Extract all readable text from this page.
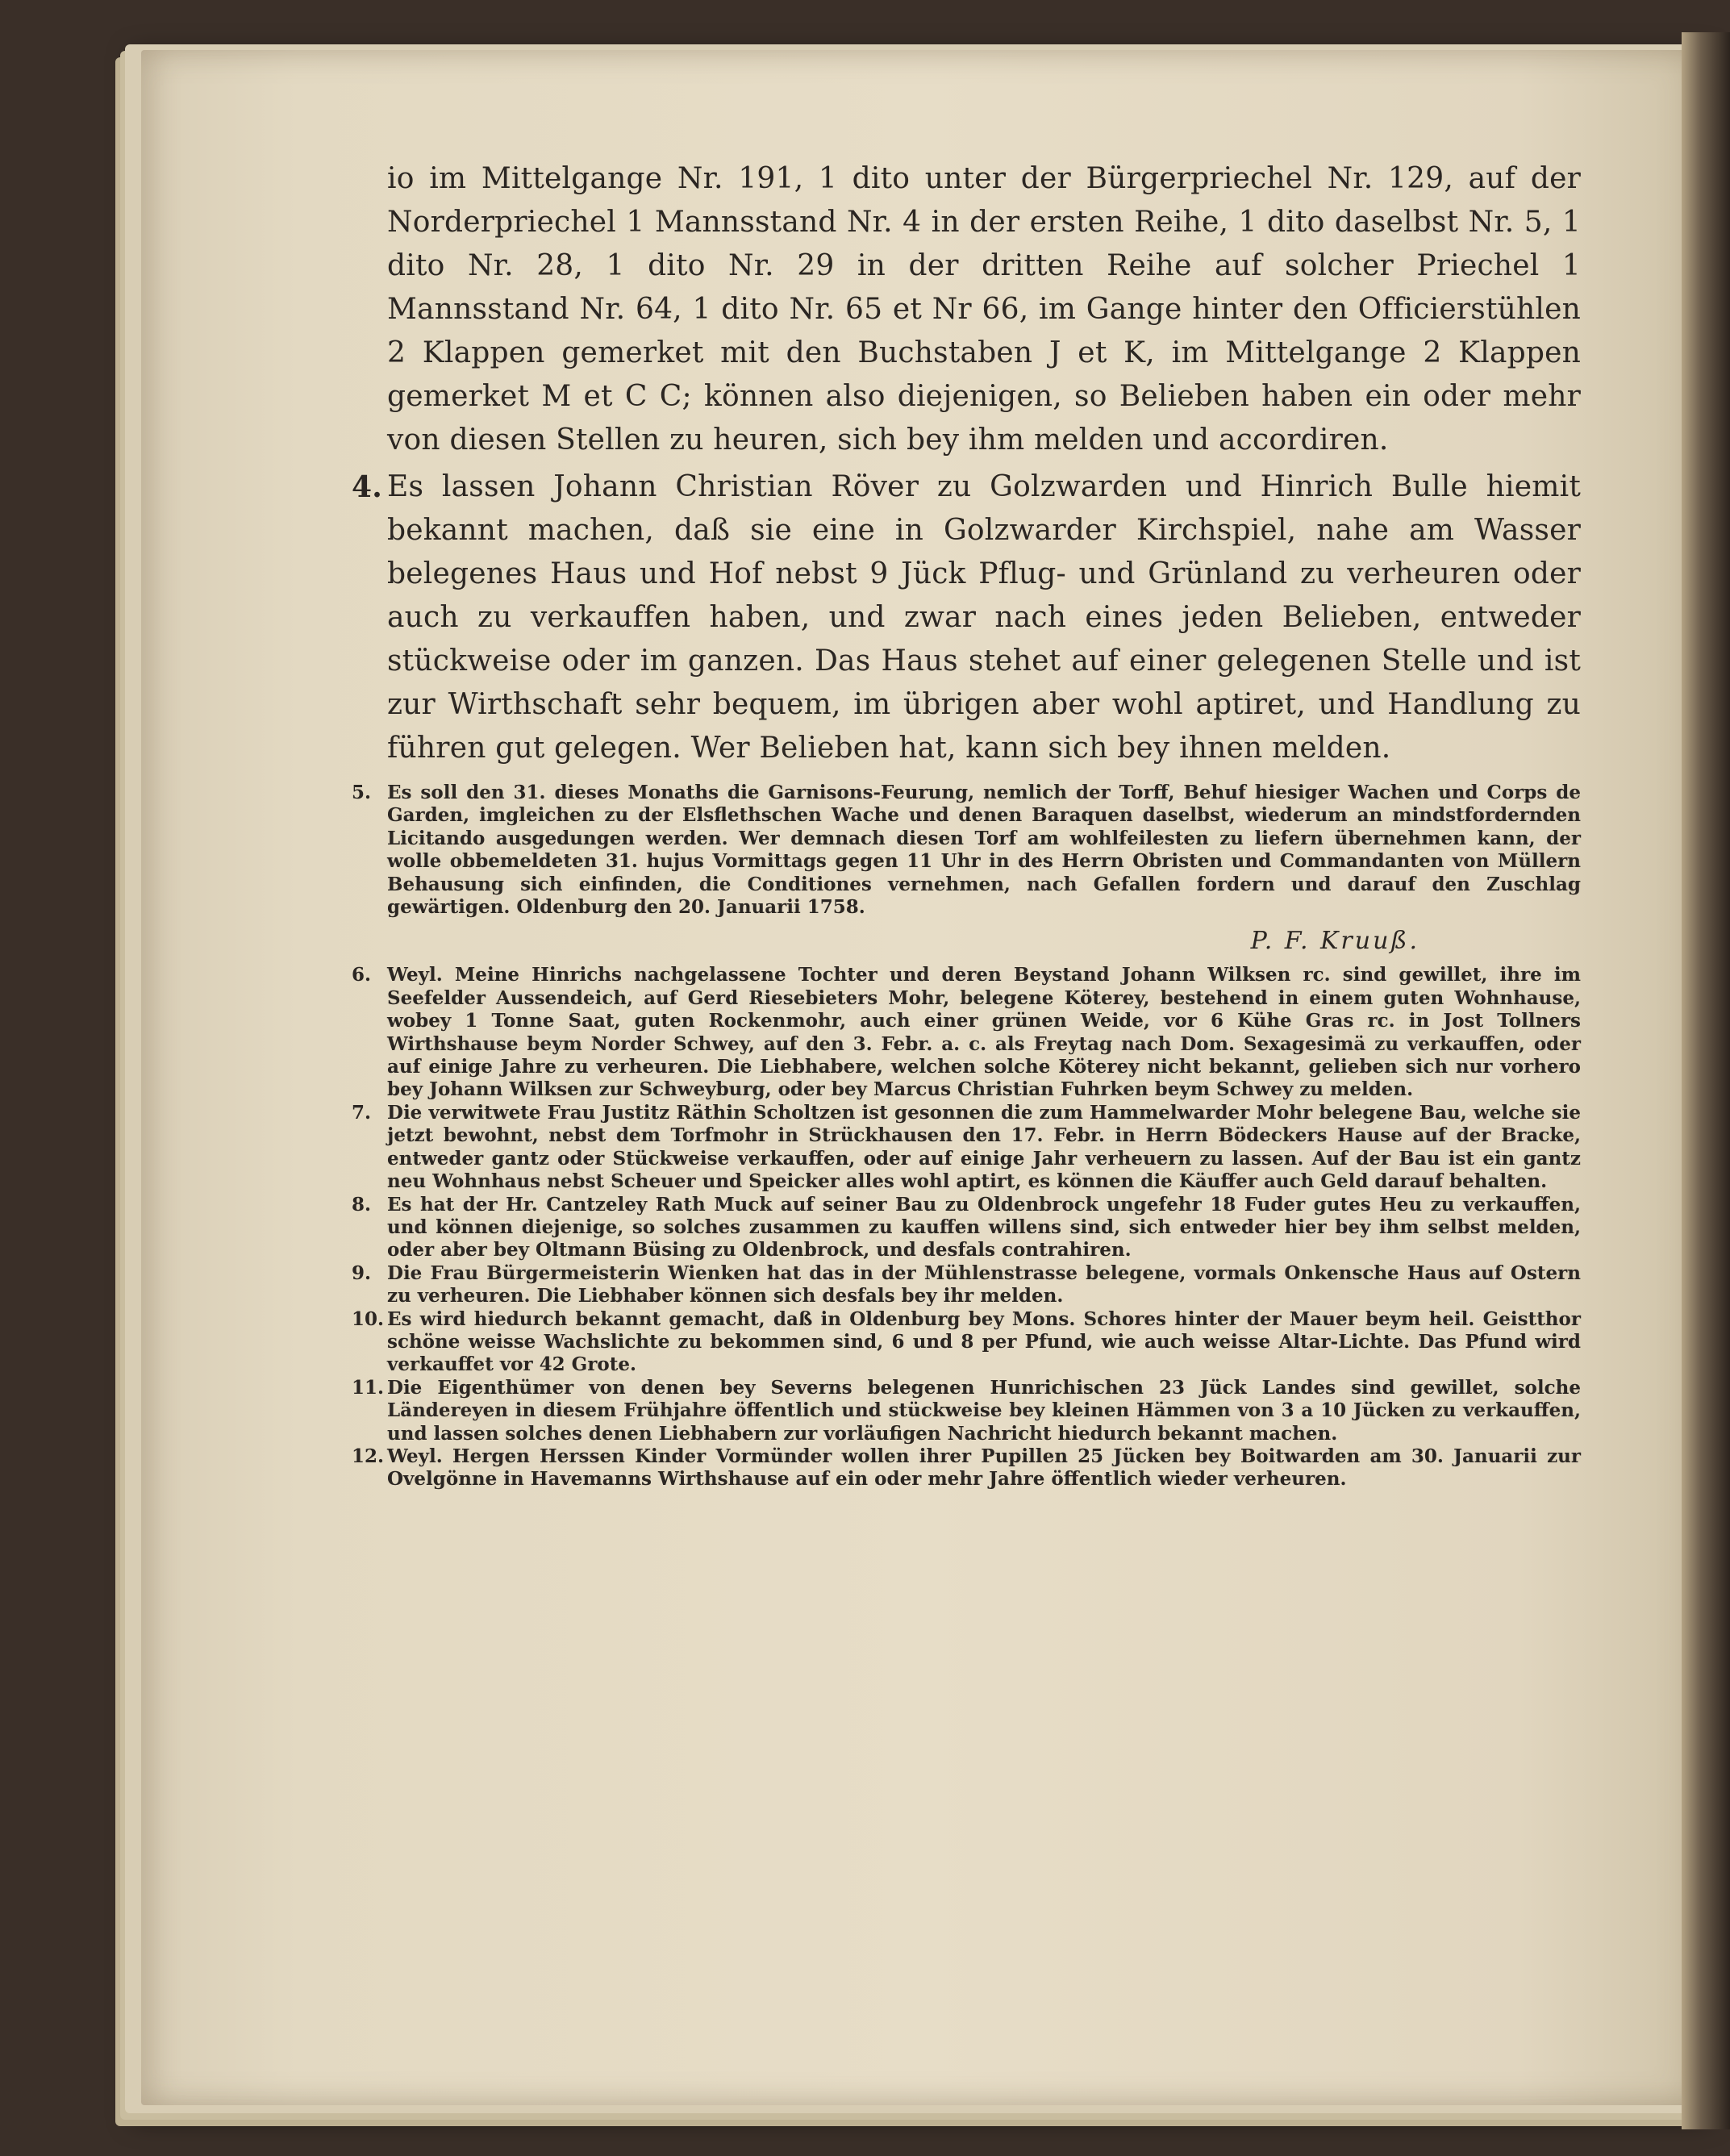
io im Mittelgange Nr. 191, 1 dito unter der Bürgerpriechel Nr. 129, auf der Norderpriechel 1 Mannsstand Nr. 4 in der ersten Reihe, 1 dito daselbst Nr. 5, 1 dito Nr. 28, 1 dito Nr. 29 in der dritten Reihe auf solcher Priechel 1 Mannsstand Nr. 64, 1 dito Nr. 65 et Nr 66, im Gange hinter den Officierstühlen 2 Klappen gemerket mit den Buchstaben J et K, im Mittelgange 2 Klappen gemerket M et C C; können also diejenigen, so Belieben haben ein oder mehr von diesen Stellen zu heuren, sich bey ihm melden und accordiren.

4. Es lassen Johann Christian Röver zu Golzwarden und Hinrich Bulle hiemit bekannt machen, daß sie eine in Golzwarder Kirchspiel, nahe am Wasser belegenes Haus und Hof nebst 9 Jück Pflug- und Grünland zu verheuren oder auch zu verkauffen haben, und zwar nach eines jeden Belieben, entweder stückweise oder im ganzen. Das Haus stehet auf einer gelegenen Stelle und ist zur Wirthschaft sehr bequem, im übrigen aber wohl aptiret, und Handlung zu führen gut gelegen. Wer Belieben hat, kann sich bey ihnen melden.

5. Es soll den 31. dieses Monaths die Garnisons-Feurung, nemlich der Torff, Behuf hiesiger Wachen und Corps de Garden, imgleichen zu der Elsflethschen Wache und denen Baraquen daselbst, wiederum an mindstfordernden Licitando ausgedungen werden. Wer demnach diesen Torf am wohlfeilesten zu liefern übernehmen kann, der wolle obbemeldeten 31. hujus Vormittags gegen 11 Uhr in des Herrn Obristen und Commandanten von Müllern Behausung sich einfinden, die Conditiones vernehmen, nach Gefallen fordern und darauf den Zuschlag gewärtigen. Oldenburg den 20. Januarii 1758.

P. F. Kruuß.
6. Weyl. Meine Hinrichs nachgelassene Tochter und deren Beystand Johann Wilksen rc. sind gewillet, ihre im Seefelder Aussendeich, auf Gerd Riesebieters Mohr, belegene Köterey, bestehend in einem guten Wohnhause, wobey 1 Tonne Saat, guten Rockenmohr, auch einer grünen Weide, vor 6 Kühe Gras rc. in Jost Tollners Wirthshause beym Norder Schwey, auf den 3. Febr. a. c. als Freytag nach Dom. Sexagesimä zu verkauffen, oder auf einige Jahre zu verheuren. Die Liebhabere, welchen solche Köterey nicht bekannt, gelieben sich nur vorhero bey Johann Wilksen zur Schweyburg, oder bey Marcus Christian Fuhrken beym Schwey zu melden.

7. Die verwitwete Frau Justitz Räthin Scholtzen ist gesonnen die zum Hammelwarder Mohr belegene Bau, welche sie jetzt bewohnt, nebst dem Torfmohr in Strückhausen den 17. Febr. in Herrn Bödeckers Hause auf der Bracke, entweder gantz oder Stückweise verkauffen, oder auf einige Jahr verheuern zu lassen. Auf der Bau ist ein gantz neu Wohnhaus nebst Scheuer und Speicker alles wohl aptirt, es können die Käuffer auch Geld darauf behalten.

8. Es hat der Hr. Cantzeley Rath Muck auf seiner Bau zu Oldenbrock ungefehr 18 Fuder gutes Heu zu verkauffen, und können diejenige, so solches zusammen zu kauffen willens sind, sich entweder hier bey ihm selbst melden, oder aber bey Oltmann Büsing zu Oldenbrock, und desfals contrahiren.

9. Die Frau Bürgermeisterin Wienken hat das in der Mühlenstrasse belegene, vormals Onkensche Haus auf Ostern zu verheuren. Die Liebhaber können sich desfals bey ihr melden.

10. Es wird hiedurch bekannt gemacht, daß in Oldenburg bey Mons. Schores hinter der Mauer beym heil. Geistthor schöne weisse Wachslichte zu bekommen sind, 6 und 8 per Pfund, wie auch weisse Altar-Lichte. Das Pfund wird verkauffet vor 42 Grote.

11. Die Eigenthümer von denen bey Severns belegenen Hunrichischen 23 Jück Landes sind gewillet, solche Ländereyen in diesem Frühjahre öffentlich und stückweise bey kleinen Hämmen von 3 a 10 Jücken zu verkauffen, und lassen solches denen Liebhabern zur vorläufigen Nachricht hiedurch bekannt machen.

12. Weyl. Hergen Herssen Kinder Vormünder wollen ihrer Pupillen 25 Jücken bey Boitwarden am 30. Januarii zur Ovelgönne in Havemanns Wirthshause auf ein oder mehr Jahre öffentlich wieder verheuren.
